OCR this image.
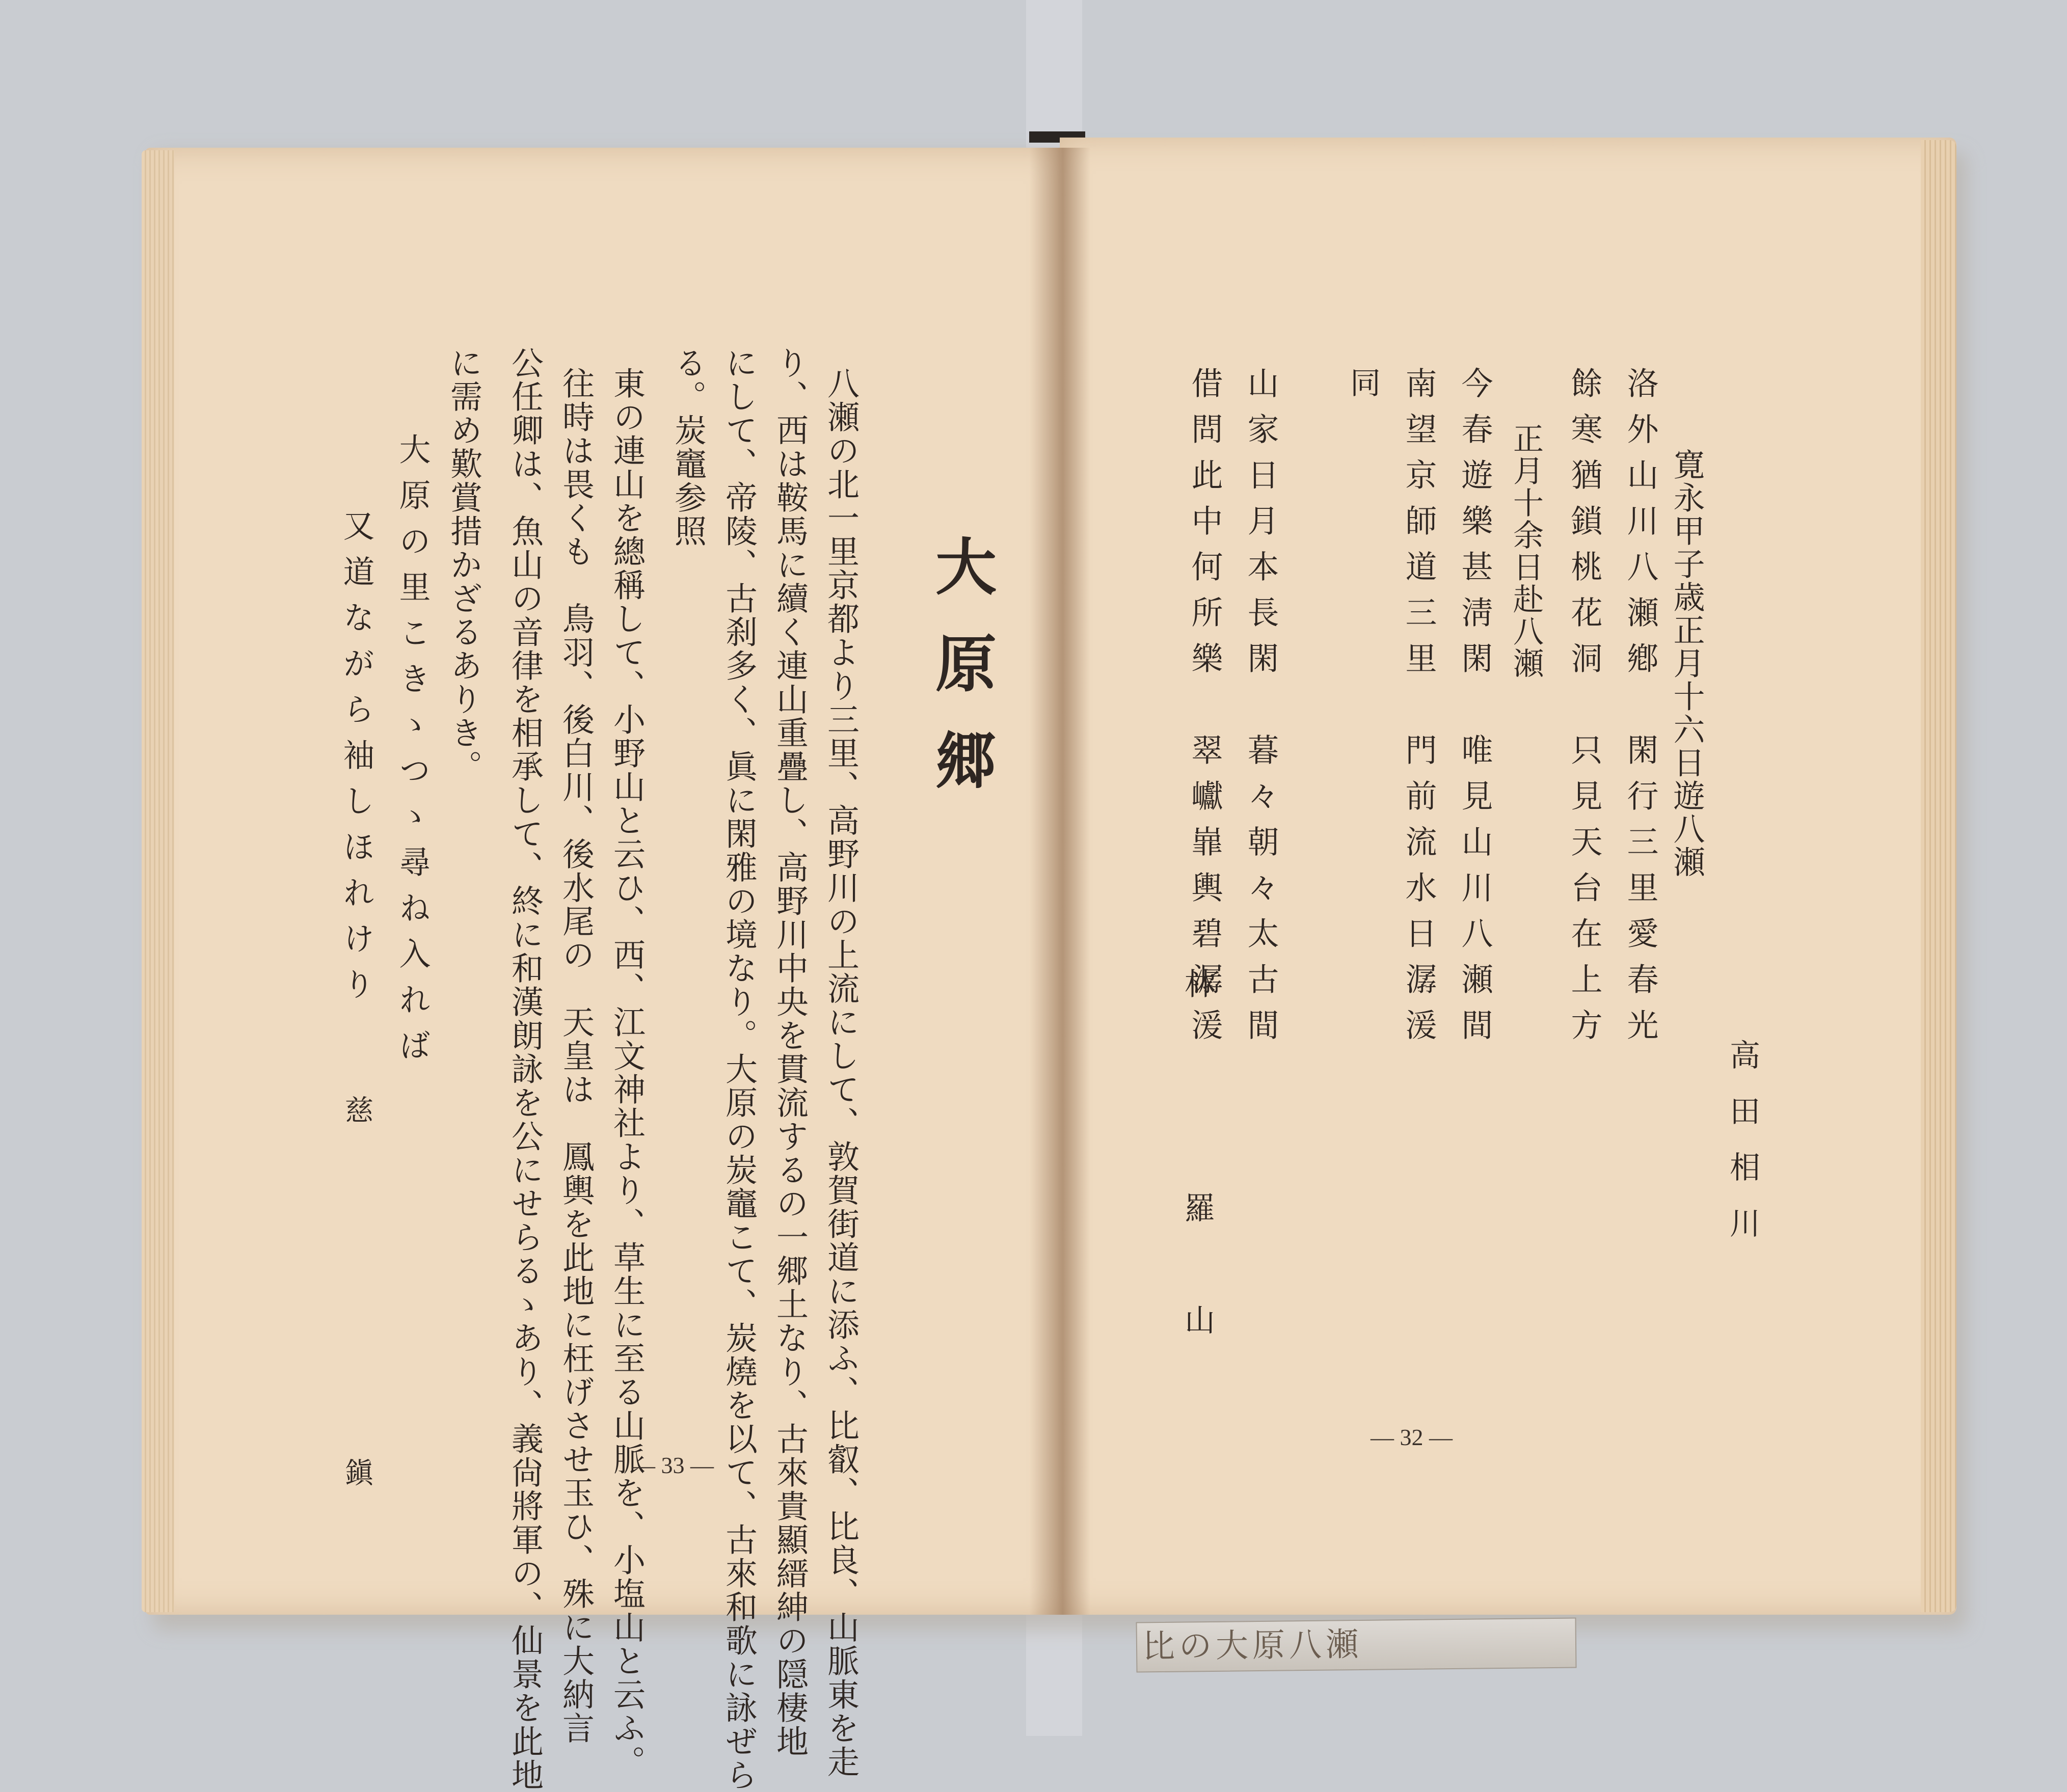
大原郷
八瀬の北一里京都より三里、高野川の上流にして、敦賀街道に添ふ、比叡、比良、山脈東を走
り、西は鞍馬に續く連山重疊し、高野川中央を貫流するの一郷土なり、古來貴顯縉紳の隠棲地
にして、帝陵、古刹多く、眞に閑雅の境なり。大原の炭竈こて、炭燒を以て、古來和歌に詠ぜら
る。炭竈参照
東の連山を總稱して、小野山と云ひ、西、江文神社より、草生に至る山脈を、小塩山と云ふ。
往時は畏くも　鳥羽、後白川、後水尾の　天皇は　鳳輿を此地に枉げさせ玉ひ、殊に大納言
公任卿は、魚山の音律を相承して、終に和漢朗詠を公にせらるゝあり、義尙將軍の、仙景を此地
に需め歎賞措かざるありき。
大原の里こきゝつゝ尋ね入れば
又道ながら袖しほれけり
慈　鎭	— 33 —
寛永甲子歳正月十六日遊八瀬
高田相川
洛外山川八瀬鄕　閑行三里愛春光
餘寒猶鎖桃花洞　只見天台在上方
正月十余日赴八瀬
今春遊樂甚淸閑　唯見山川八瀬間
南望京師道三里　門前流水日潺湲
同
山家日月本長閑　暮々朝々太古間
借問此中何所樂　翠巘㠑輿碧潺湲
林　羅山
— 32 —
比の大原八瀬
